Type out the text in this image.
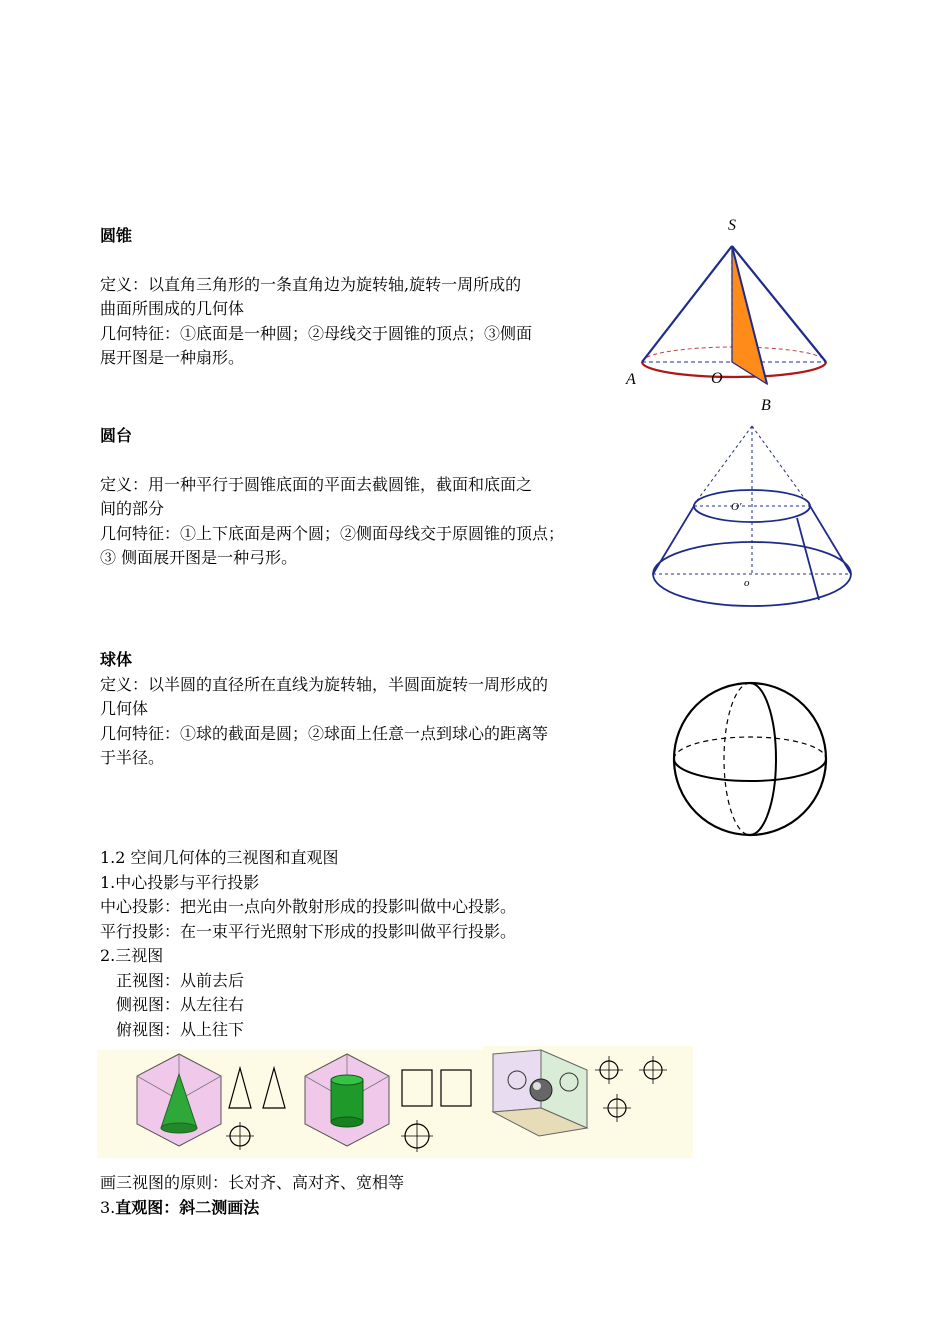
圆锥

定义：以直角三角形的一条直角边为旋转轴,旋转一周所成的

曲面所围成的几何体

几何特征：①底面是一种圆；②母线交于圆锥的顶点；③侧面

展开图是一种扇形。

S
A	O
B

圆台

定义：用一种平行于圆锥底面的平面去截圆锥，截面和底面之

间的部分

几何特征：①上下底面是两个圆；②侧面母线交于原圆锥的顶点；

③ 侧面展开图是一种弓形。

O'
o

球体

定义：以半圆的直径所在直线为旋转轴，半圆面旋转一周形成的

几何体

几何特征：①球的截面是圆；②球面上任意一点到球心的距离等

于半径。

1.2 空间几何体的三视图和直观图

1.中心投影与平行投影

中心投影：把光由一点向外散射形成的投影叫做中心投影。

平行投影：在一束平行光照射下形成的投影叫做平行投影。

2.三视图

正视图：从前去后

侧视图：从左往右

俯视图：从上往下

画三视图的原则：长对齐、高对齐、宽相等

3.直观图：斜二测画法
